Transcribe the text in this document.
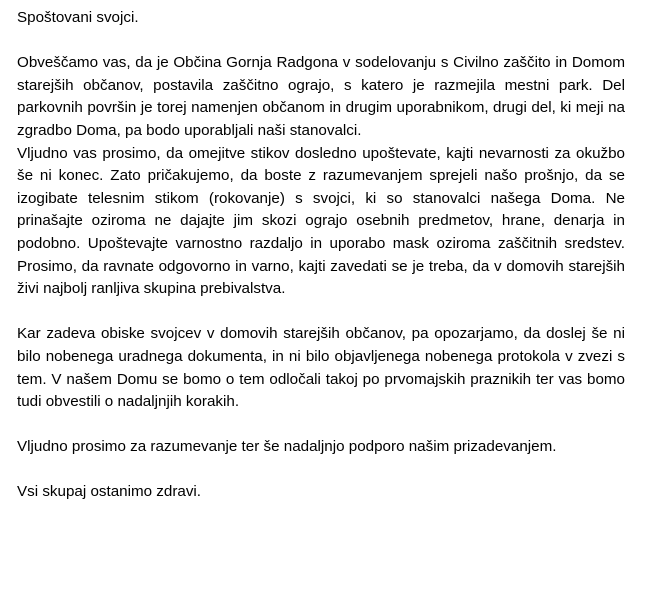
Spoštovani svojci.

Obveščamo vas, da je Občina Gornja Radgona v sodelovanju s Civilno zaščito in Domom starejših občanov, postavila zaščitno ograjo, s katero je razmejila mestni park. Del parkovnih površin je torej namenjen občanom in drugim uporabnikom, drugi del, ki meji na zgradbo Doma, pa bodo uporabljali naši stanovalci.

Vljudno vas prosimo, da omejitve stikov dosledno upoštevate, kajti nevarnosti za okužbo še ni konec. Zato pričakujemo, da boste z razumevanjem sprejeli našo prošnjo, da se izogibate telesnim stikom (rokovanje) s svojci, ki so stanovalci našega Doma. Ne prinašajte oziroma ne dajajte jim skozi ograjo osebnih predmetov, hrane, denarja in podobno. Upoštevajte varnostno razdaljo in uporabo mask oziroma zaščitnih sredstev. Prosimo, da ravnate odgovorno in varno, kajti zavedati se je treba, da v domovih starejših živi najbolj ranljiva skupina prebivalstva.

Kar zadeva obiske svojcev v domovih starejših občanov, pa opozarjamo, da doslej še ni bilo nobenega uradnega dokumenta, in ni bilo objavljenega nobenega protokola v zvezi s tem. V našem Domu se bomo o tem odločali takoj po prvomajskih praznikih ter vas bomo tudi obvestili o nadaljnjih korakih.

Vljudno prosimo za razumevanje ter še nadaljnjo podporo našim prizadevanjem.

Vsi skupaj ostanimo zdravi.
